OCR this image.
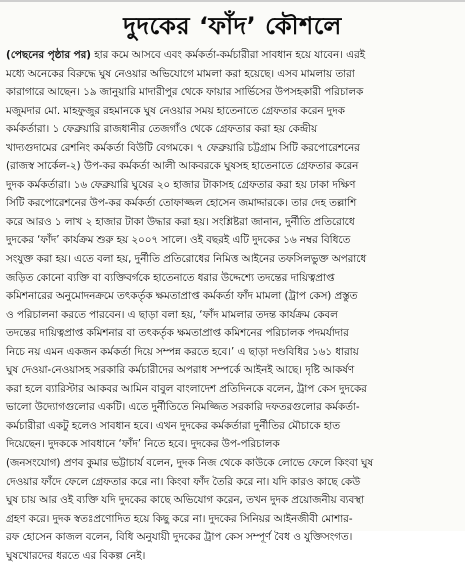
দুদকের ‘ফাঁদ’ কৌশলে
(পেছনের পৃষ্ঠার পর) হার কমে আসবে এবং কর্মকর্তা-কর্মচারীরা সাবধান হয়ে যাবেন। এরই
মধ্যে অনেকের বিরুদ্ধে ঘুষ নেওয়ার অভিযোগে মামলা করা হয়েছে। এসব মামলায় তারা
কারাগারে আছেন। ১৯ জানুয়ারি মাদারীপুর থেকে ফায়ার সার্ভিসের উপসহকারী পরিচালক
মজুমদার মো. মাহফুজুর রহমানকে ঘুষ নেওয়ার সময় হাতেনাতে গ্রেফতার করেন দুদক
কর্মকর্তারা। ১ ফেব্রুয়ারি রাজধানীর তেজগাঁও থেকে গ্রেফতার করা হয় কেন্দ্রীয়
খাদ্যগুদামের রেশনিং কর্মকর্তা বিউটি বেগমকে। ৭ ফেব্রুয়ারি চট্টগ্রাম সিটি করপোরেশনের
(রাজস্ব সার্কেল-২) উপ-কর কর্মকর্তা আলী আকবরকে ঘুষসহ হাতেনাতে গ্রেফতার করেন
দুদক কর্মকর্তারা। ১৬ ফেব্রুয়ারি ঘুষের ২০ হাজার টাকাসহ গ্রেফতার করা হয় ঢাকা দক্ষিণ
সিটি করপোরেশনের উপ-কর কর্মকর্তা তোফাজ্জল হোসেন জমাদ্দারকে। তার দেহ তল্লাশি
করে আরও ১ লাখ ২ হাজার টাকা উদ্ধার করা হয়। সংশ্লিষ্টরা জানান, দুর্নীতি প্রতিরোধে
দুদকের ‘ফাঁদ’ কার্যক্রম শুরু হয় ২০০৭ সালে। ওই বছরই এটি দুদকের ১৬ নম্বর বিধিতে
সংযুক্ত করা হয়। এতে বলা হয়, দুর্নীতি প্রতিরোধের নিমিত্ত আইনের তফসিলভুক্ত অপরাধে
জড়িত কোনো ব্যক্তি বা ব্যক্তিবর্গকে হাতেনাতে ধরার উদ্দেশ্যে তদন্তের দায়িত্বপ্রাপ্ত
কমিশনারের অনুমোদনক্রমে তৎকর্তৃক ক্ষমতাপ্রাপ্ত কর্মকর্তা ফাঁদ মামলা (ট্রাপ কেস) প্রস্তুত
ও পরিচালনা করতে পারবেন। এ ছাড়া বলা হয়, ‘ফাঁদ মামলার তদন্ত কার্যক্রম কেবল
তদন্তের দায়িত্বপ্রাপ্ত কমিশনার বা তৎকর্তৃক ক্ষমতাপ্রাপ্ত কমিশনের পরিচালক পদমর্যাদার
নিচে নয় এমন একজন কর্মকর্তা দিয়ে সম্পন্ন করতে হবে।’ এ ছাড়া দণ্ডবিধির ১৬১ ধারায়
ঘুষ দেওয়া-নেওয়াসহ সরকারি কর্মচারীদের অপরাধ সম্পর্কে আইনই আছে। দৃষ্টি আকর্ষণ
করা হলে ব্যারিস্টার আকবর আমিন বাবুল বাংলাদেশ প্রতিদিনকে বলেন, ট্রাপ কেস দুদকের
ভালো উদ্যোগগুলোর একটি। এতে দুর্নীতিতে নিমজ্জিত সরকারি দফতরগুলোর কর্মকর্তা-
কর্মচারীরা একটু হলেও সাবধান হবে। এখন দুদকের কর্মকর্তারা দুর্নীতির মৌচাকে হাত
দিয়েছেন। দুদককে সাবধানে ‘ফাঁদ’ নিতে হবে। দুদকের উপ-পরিচালক
(জনসংযোগ) প্রণব কুমার ভট্টাচার্য বলেন, দুদক নিজ থেকে কাউকে লোভে ফেলে কিংবা ঘুষ
দেওয়ার ফাঁদে ফেলে গ্রেফতার করে না। কিংবা ফাঁদ তৈরি করে না। যদি কারও কাছে কেউ
ঘুষ চায় আর ওই ব্যক্তি যদি দুদকের কাছে অভিযোগ করেন, তখন দুদক প্রয়োজনীয় ব্যবস্থা
গ্রহণ করে। দুদক স্বতঃপ্রণোদিত হয়ে কিছু করে না। দুদকের সিনিয়র আইনজীবী মোশার-
রফ হোসেন কাজল বলেন, বিধি অনুযায়ী দুদকের ট্রাপ কেস সম্পূর্ণ বৈধ ও যুক্তিসংগত।
ঘুষখোরদের ধরতে এর বিকল্প নেই।
